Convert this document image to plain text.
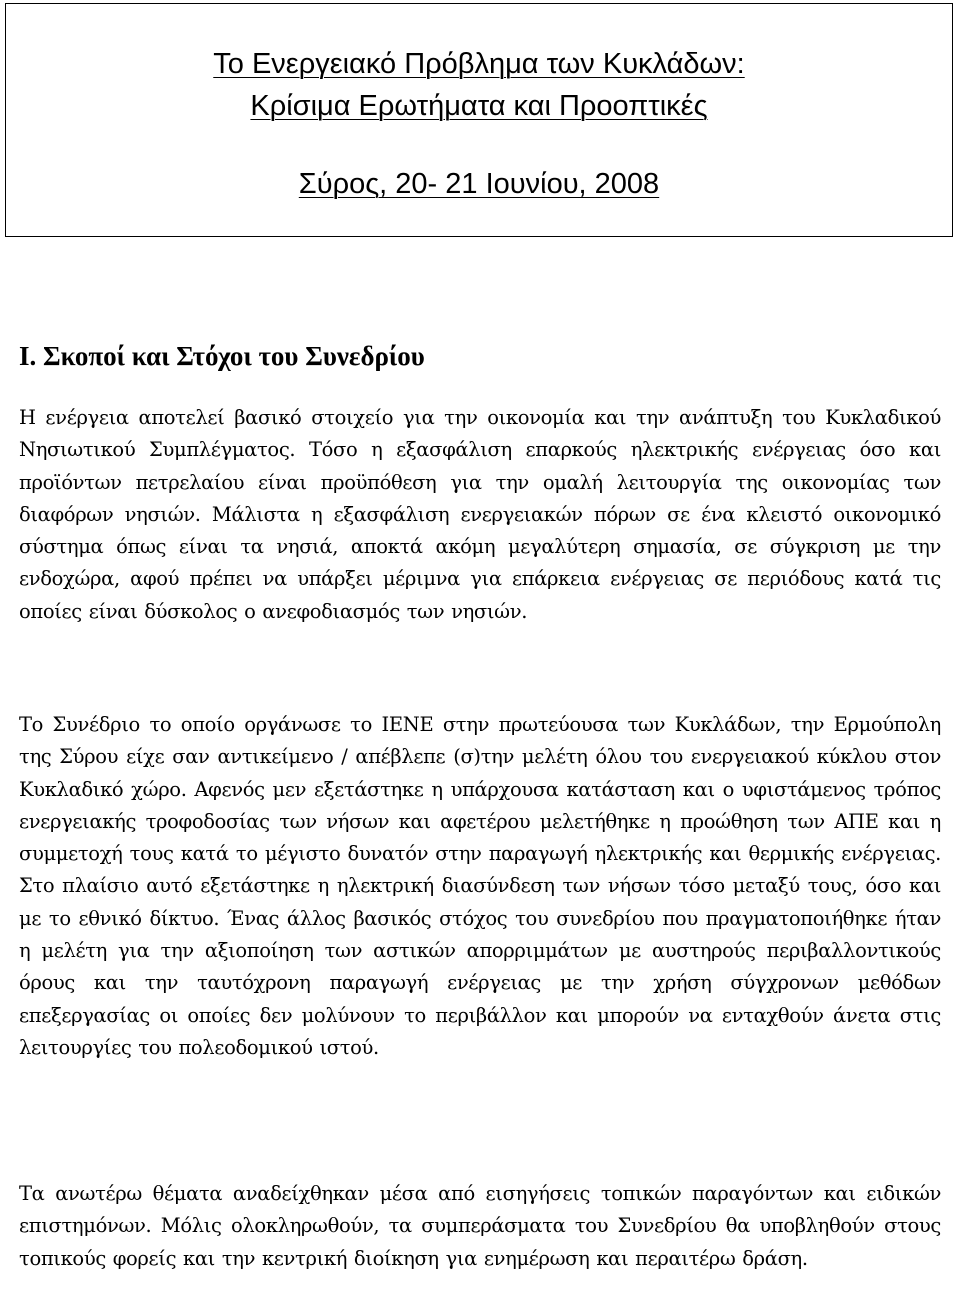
Το Ενεργειακό Πρόβλημα των Κυκλάδων:
Κρίσιμα Ερωτήματα και Προοπτικές
Σύρος, 20- 21 Ιουνίου, 2008
Ι. Σκοποί και Στόχοι του Συνεδρίου

Η ενέργεια αποτελεί βασικό στοιχείο για την οικονομία και την ανάπτυξη του Κυκλαδικού Νησιωτικού Συμπλέγματος. Τόσο η εξασφάλιση επαρκούς ηλεκτρικής ενέργειας όσο και προϊόντων πετρελαίου είναι προϋπόθεση για την ομαλή λειτουργία της οικονομίας των διαφόρων νησιών. Μάλιστα η εξασφάλιση ενεργειακών πόρων σε ένα κλειστό οικονομικό σύστημα όπως είναι τα νησιά, αποκτά ακόμη μεγαλύτερη σημασία, σε σύγκριση με την ενδοχώρα, αφού πρέπει να υπάρξει μέριμνα για επάρκεια ενέργειας σε περιόδους κατά τις οποίες είναι δύσκολος ο ανεφοδιασμός των νησιών.

Το Συνέδριο το οποίο οργάνωσε το ΙΕΝΕ στην πρωτεύουσα των Κυκλάδων, την Ερμούπολη της Σύρου είχε σαν αντικείμενο / απέβλεπε (σ)την μελέτη όλου του ενεργειακού κύκλου στον Κυκλαδικό χώρο. Αφενός μεν εξετάστηκε η υπάρχουσα κατάσταση και ο υφιστάμενος τρόπος ενεργειακής τροφοδοσίας των νήσων και αφετέρου μελετήθηκε η προώθηση των ΑΠΕ και η συμμετοχή τους κατά το μέγιστο δυνατόν στην παραγωγή ηλεκτρικής και θερμικής ενέργειας. Στο πλαίσιο αυτό εξετάστηκε η ηλεκτρική διασύνδεση των νήσων τόσο μεταξύ τους, όσο και με το εθνικό δίκτυο. Ένας άλλος βασικός στόχος του συνεδρίου που πραγματοποιήθηκε ήταν η μελέτη για την αξιοποίηση των αστικών απορριμμάτων με αυστηρούς περιβαλλοντικούς όρους και την ταυτόχρονη παραγωγή ενέργειας με την χρήση σύγχρονων μεθόδων επεξεργασίας οι οποίες δεν μολύνουν το περιβάλλον και μπορούν να ενταχθούν άνετα στις λειτουργίες του πολεοδομικού ιστού.

Τα ανωτέρω θέματα αναδείχθηκαν μέσα από εισηγήσεις τοπικών παραγόντων και ειδικών επιστημόνων. Μόλις ολοκληρωθούν, τα συμπεράσματα του Συνεδρίου θα υποβληθούν στους τοπικούς φορείς και την κεντρική διοίκηση για ενημέρωση και περαιτέρω δράση.
